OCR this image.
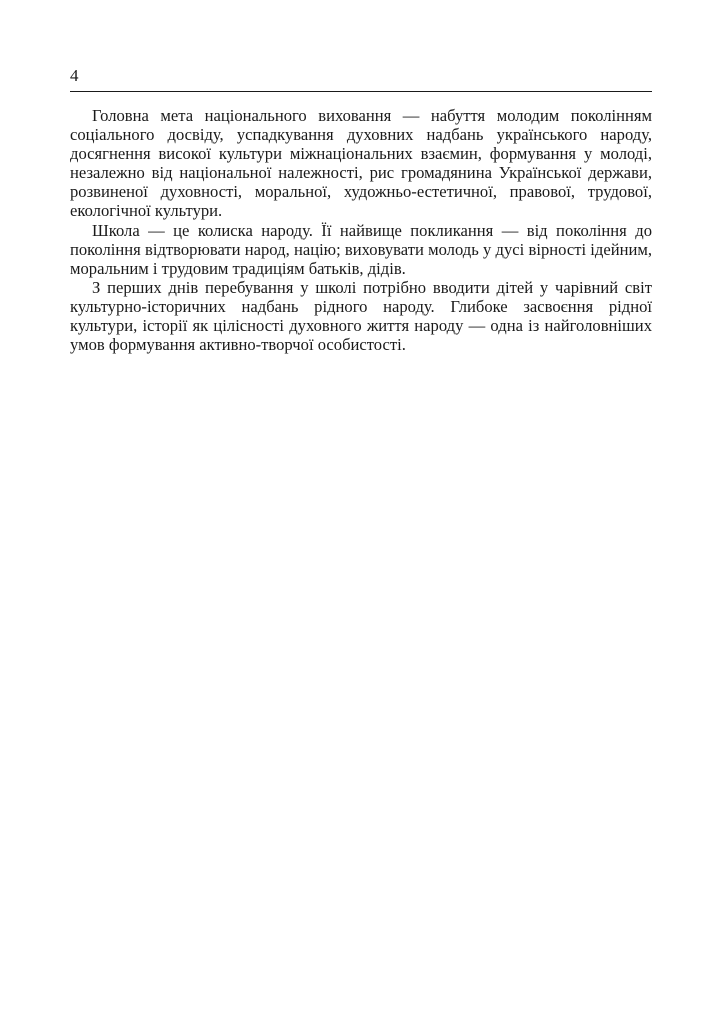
4

Головна мета національного виховання — набуття молодим поколінням соціального досвіду, успадкування духовних надбань українського народу, досягнення високої культури міжнаціональних взаємин, формування у молоді, незалежно від національної належності, рис громадянина Української держави, розвиненої духовності, моральної, художньо-естетичної, правової, трудової, екологічної культури.

Школа — це колиска народу. Її найвище покликання — від покоління до покоління відтворювати народ, націю; виховувати молодь у дусі вірності ідейним, моральним і трудовим традиціям батьків, дідів.

З перших днів перебування у школі потрібно вводити дітей у чарівний світ культурно-історичних надбань рідного народу. Глибоке засвоєння рідної культури, історії як цілісності духовного життя народу — одна із найголовніших умов формування активно-творчої особистості.
